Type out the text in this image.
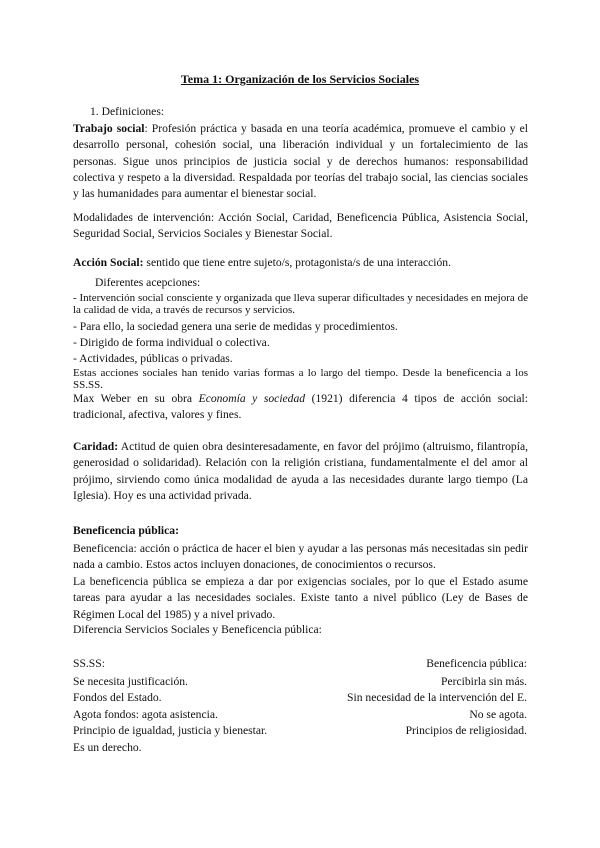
Tema 1: Organización de los Servicios Sociales
1. Definiciones:
Trabajo social: Profesión práctica y basada en una teoría académica, promueve el cambio y el desarrollo personal, cohesión social, una liberación individual y un fortalecimiento de las personas. Sigue unos principios de justicia social y de derechos humanos: responsabilidad colectiva y respeto a la diversidad. Respaldada por teorías del trabajo social, las ciencias sociales y las humanidades para aumentar el bienestar social.
Modalidades de intervención: Acción Social, Caridad, Beneficencia Pública, Asistencia Social, Seguridad Social, Servicios Sociales y Bienestar Social.
Acción Social: sentido que tiene entre sujeto/s, protagonista/s de una interacción.
Diferentes acepciones:
- Intervención social consciente y organizada que lleva superar dificultades y necesidades en mejora de la calidad de vida, a través de recursos y servicios.
- Para ello, la sociedad genera una serie de medidas y procedimientos.
- Dirigido de forma individual o colectiva.
- Actividades, públicas o privadas.
Estas acciones sociales han tenido varias formas a lo largo del tiempo. Desde la beneficencia a los SS.SS.
Max Weber en su obra Economía y sociedad (1921) diferencia 4 tipos de acción social: tradicional, afectiva, valores y fines.
Caridad: Actitud de quien obra desinteresadamente, en favor del prójimo (altruismo, filantropía, generosidad o solidaridad). Relación con la religión cristiana, fundamentalmente el del amor al prójimo, sirviendo como única modalidad de ayuda a las necesidades durante largo tiempo (La Iglesia). Hoy es una actividad privada.
Beneficencia pública:
Beneficencia: acción o práctica de hacer el bien y ayudar a las personas más necesitadas sin pedir nada a cambio. Estos actos incluyen donaciones, de conocimientos o recursos.
La beneficencia pública se empieza a dar por exigencias sociales, por lo que el Estado asume tareas para ayudar a las necesidades sociales. Existe tanto a nivel público (Ley de Bases de Régimen Local del 1985) y a nivel privado.
Diferencia Servicios Sociales y Beneficencia pública:
SS.SS:
Se necesita justificación.
Fondos del Estado.
Agota fondos: agota asistencia.
Principio de igualdad, justicia y bienestar.
Es un derecho.
Beneficencia pública:
Percibirla sin más.
Sin necesidad de la intervención del E.
No se agota.
Principios de religiosidad.
